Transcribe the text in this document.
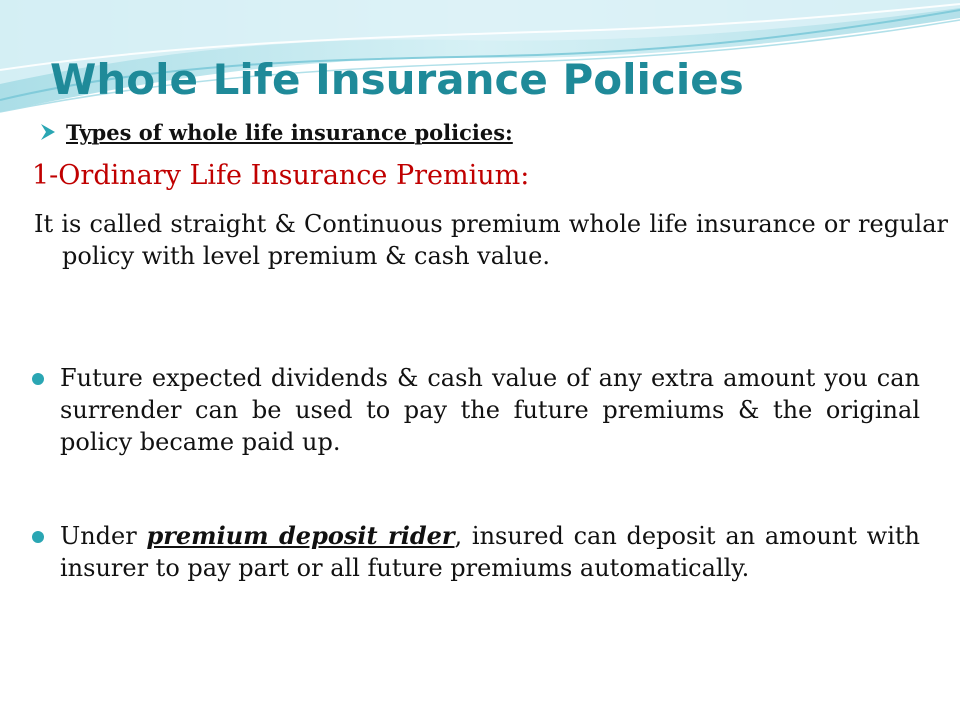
Whole Life Insurance Policies
Types of whole life insurance policies:
1-Ordinary Life Insurance Premium:

It is called straight & Continuous premium whole life insurance or regular policy with level premium & cash value.

Future expected dividends & cash value of any extra amount you can surrender can be used to pay the future premiums & the original policy became paid up.

Under premium deposit rider, insured can deposit an amount with insurer to pay part or all future premiums automatically.
